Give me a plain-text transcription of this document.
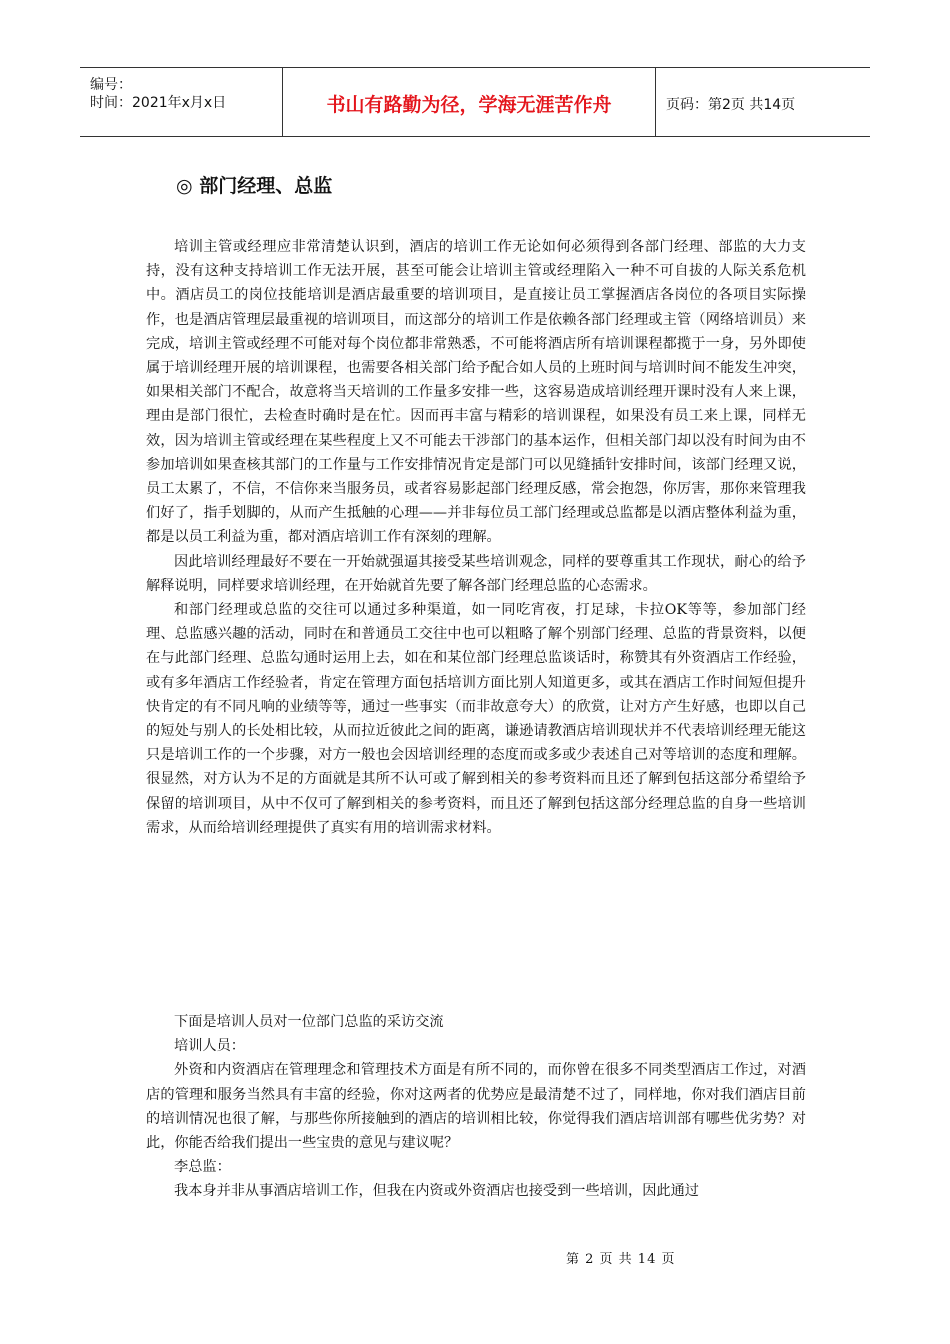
编号：
时间：2021年x月x日	书山有路勤为径，学海无涯苦作舟	页码：第2页 共14页
◎ 部门经理、总监

培训主管或经理应非常清楚认识到，酒店的培训工作无论如何必须得到各部门经理、部监的大力支持，没有这种支持培训工作无法开展，甚至可能会让培训主管或经理陷入一种不可自拔的人际关系危机中。酒店员工的岗位技能培训是酒店最重要的培训项目，是直接让员工掌握酒店各岗位的各项目实际操作，也是酒店管理层最重视的培训项目，而这部分的培训工作是依赖各部门经理或主管（网络培训员）来完成，培训主管或经理不可能对每个岗位都非常熟悉，不可能将酒店所有培训课程都揽于一身，另外即使属于培训经理开展的培训课程，也需要各相关部门给予配合如人员的上班时间与培训时间不能发生冲突，如果相关部门不配合，故意将当天培训的工作量多安排一些，这容易造成培训经理开课时没有人来上课，理由是部门很忙，去检查时确时是在忙。因而再丰富与精彩的培训课程，如果没有员工来上课，同样无效，因为培训主管或经理在某些程度上又不可能去干涉部门的基本运作，但相关部门却以没有时间为由不参加培训如果查核其部门的工作量与工作安排情况肯定是部门可以见缝插针安排时间，该部门经理又说，员工太累了，不信，不信你来当服务员，或者容易影起部门经理反感，常会抱怨，你厉害，那你来管理我们好了，指手划脚的，从而产生抵触的心理——并非每位员工部门经理或总监都是以酒店整体利益为重，都是以员工利益为重，都对酒店培训工作有深刻的理解。

因此培训经理最好不要在一开始就强逼其接受某些培训观念，同样的要尊重其工作现状，耐心的给予解释说明，同样要求培训经理，在开始就首先要了解各部门经理总监的心态需求。

和部门经理或总监的交往可以通过多种渠道，如一同吃宵夜，打足球，卡拉OK等等，参加部门经理、总监感兴趣的活动，同时在和普通员工交往中也可以粗略了解个别部门经理、总监的背景资料，以便在与此部门经理、总监勾通时运用上去，如在和某位部门经理总监谈话时，称赞其有外资酒店工作经验，或有多年酒店工作经验者，肯定在管理方面包括培训方面比别人知道更多，或其在酒店工作时间短但提升快肯定的有不同凡响的业绩等等，通过一些事实（而非故意夸大）的欣赏，让对方产生好感，也即以自己的短处与别人的长处相比较，从而拉近彼此之间的距离，谦逊请教酒店培训现状并不代表培训经理无能这只是培训工作的一个步骤，对方一般也会因培训经理的态度而或多或少表述自己对等培训的态度和理解。很显然，对方认为不足的方面就是其所不认可或了解到相关的参考资料而且还了解到包括这部分希望给予保留的培训项目，从中不仅可了解到相关的参考资料，而且还了解到包括这部分经理总监的自身一些培训需求，从而给培训经理提供了真实有用的培训需求材料。

下面是培训人员对一位部门总监的采访交流

培训人员：

外资和内资酒店在管理理念和管理技术方面是有所不同的，而你曾在很多不同类型酒店工作过，对酒店的管理和服务当然具有丰富的经验，你对这两者的优势应是最清楚不过了，同样地，你对我们酒店目前的培训情况也很了解，与那些你所接触到的酒店的培训相比较，你觉得我们酒店培训部有哪些优劣势？对此，你能否给我们提出一些宝贵的意见与建议呢？

李总监：

我本身并非从事酒店培训工作，但我在内资或外资酒店也接受到一些培训，因此通过

第 2 页 共 14 页
